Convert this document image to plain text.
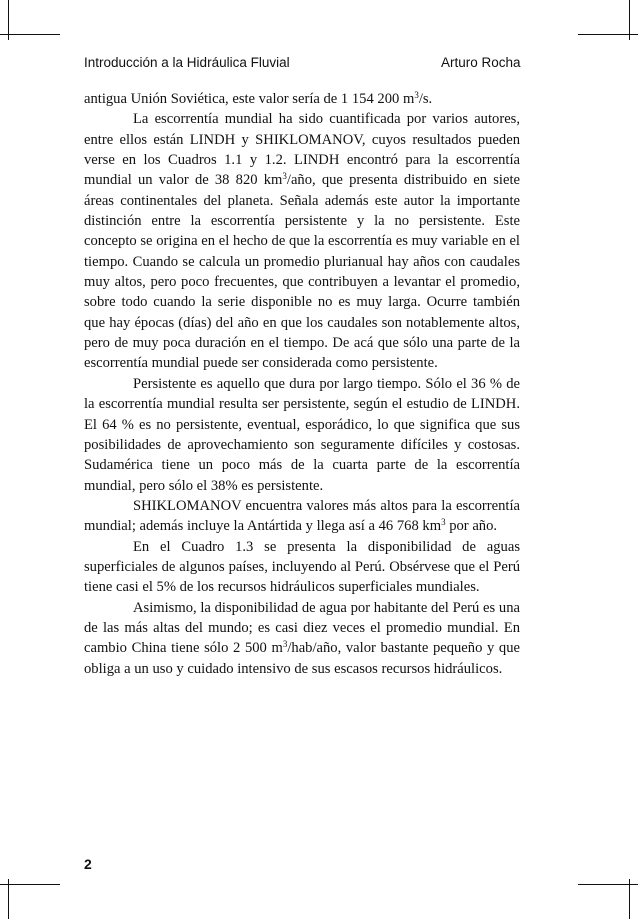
Introducción a la Hidráulica Fluvial	Arturo Rocha

antigua Unión Soviética, este valor sería de 1 154 200 $m^3/s$.

La escorrentía mundial ha sido cuantificada por varios autores, entre ellos están LINDH y SHIKLOMANOV, cuyos resultados pueden verse en los Cuadros 1.1 y 1.2. LINDH encontró para la escorrentía mundial un valor de 38 820 $km^3$/año, que presenta distribuido en siete áreas continentales del planeta. Señala además este autor la importante distinción entre la escorrentía persistente y la no persistente. Este concepto se origina en el hecho de que la escorrentía es muy variable en el tiempo. Cuando se calcula un promedio plurianual hay años con caudales muy altos, pero poco frecuentes, que contribuyen a levantar el promedio, sobre todo cuando la serie disponible no es muy larga. Ocurre también que hay épocas (días) del año en que los caudales son notablemente altos, pero de muy poca duración en el tiempo. De acá que sólo una parte de la escorrentía mundial puede ser considerada como persistente.

Persistente es aquello que dura por largo tiempo. Sólo el 36 % de la escorrentía mundial resulta ser persistente, según el estudio de LINDH. El 64 % es no persistente, eventual, esporádico, lo que significa que sus posibilidades de aprovechamiento son seguramente difíciles y costosas. Sudamérica tiene un poco más de la cuarta parte de la escorrentía mundial, pero sólo el 38% es persistente.

SHIKLOMANOV encuentra valores más altos para la escorrentía mundial; además incluye la Antártida y llega así a 46 768 $km^3$ por año.

En el Cuadro 1.3 se presenta la disponibilidad de aguas superficiales de algunos países, incluyendo al Perú. Obsérvese que el Perú tiene casi el 5% de los recursos hidráulicos superficiales mundiales.

Asimismo, la disponibilidad de agua por habitante del Perú es una de las más altas del mundo; es casi diez veces el promedio mundial. En cambio China tiene sólo 2 500 $m^3/hab$/año, valor bastante pequeño y que obliga a un uso y cuidado intensivo de sus escasos recursos hidráulicos.

2
